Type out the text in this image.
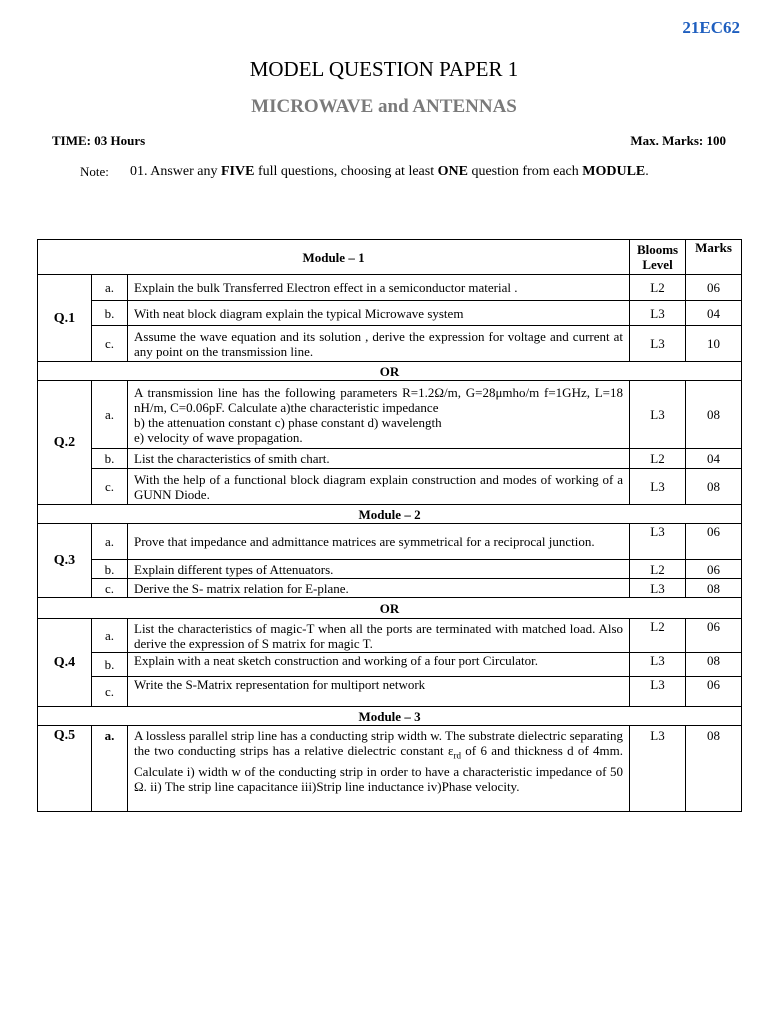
21EC62
MODEL QUESTION PAPER 1
MICROWAVE and ANTENNAS
TIME: 03 Hours	Max. Marks: 100
Note: 01. Answer any FIVE full questions, choosing at least ONE question from each MODULE.
Module – 1			Blooms Level	Marks
Q.1	a.	Explain the bulk Transferred Electron effect in a semiconductor material .	L2	06
	b.	With neat block diagram explain the typical Microwave system	L3	04
	c.	Assume the wave equation and its solution , derive the expression for voltage and current at any point on the transmission line.	L3	10
OR				
Q.2	a.	A transmission line has the following parameters R=1.2Ω/m, G=28μmho/m f=1GHz, L=18 nH/m, C=0.06pF. Calculate a)the characteristic impedance
b) the attenuation constant c) phase constant d) wavelength
e) velocity of wave propagation.	L3	08
	b.	List the characteristics of smith chart.	L2	04
	c.	With the help of a functional block diagram explain construction and modes of working of a GUNN Diode.	L3	08
Module – 2				
Q.3	a.	Prove that impedance and admittance matrices are symmetrical for a reciprocal junction.	L3	06
	b.	Explain different types of Attenuators.	L2	06
	c.	Derive the S- matrix relation for E-plane.	L3	08
OR				
Q.4	a.	List the characteristics of magic-T when all the ports are terminated with matched load. Also derive the expression of S matrix for magic T.	L2	06
	b.	Explain with a neat sketch construction and working of a four port Circulator.	L3	08
	c.	Write the S-Matrix representation for multiport network	L3	06
Module – 3				
Q.5	a.	A lossless parallel strip line has a conducting strip width w. The substrate dielectric separating the two conducting strips has a relative dielectric constant $\varepsilon_{rd}$ of 6 and thickness d of 4mm. Calculate i) width w of the conducting strip in order to have a characteristic impedance of 50 Ω. ii) The strip line capacitance iii)Strip line inductance iv)Phase velocity.	L3	08
